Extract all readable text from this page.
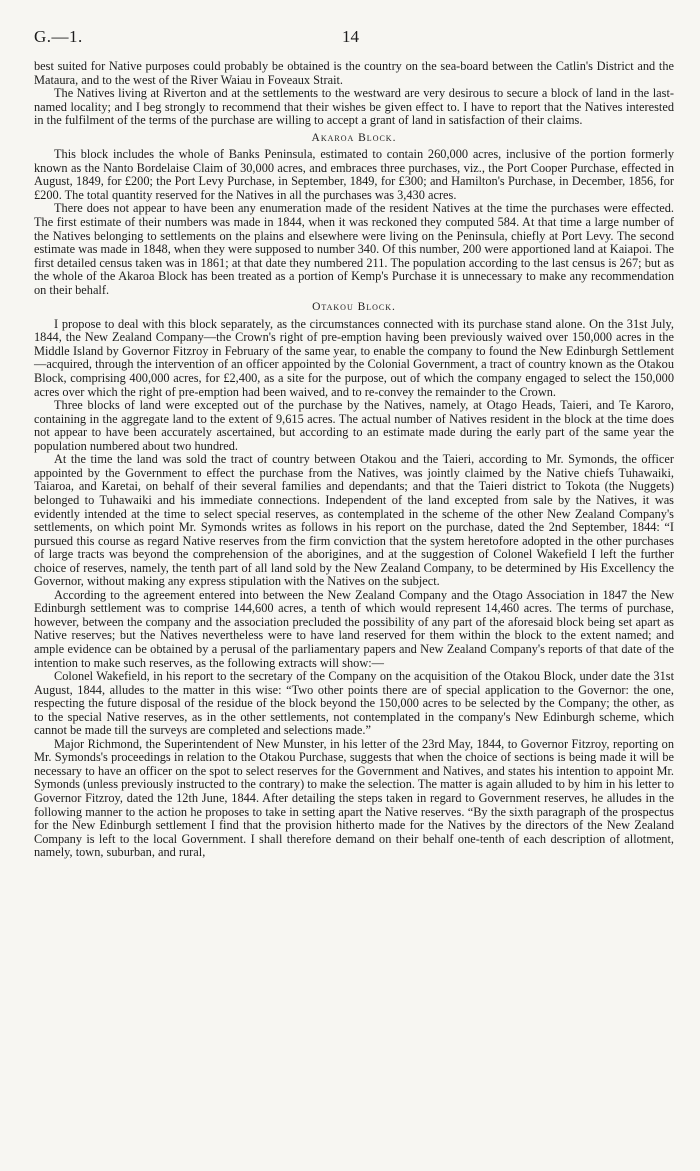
G.—1.	14

best suited for Native purposes could probably be obtained is the country on the sea-board between the Catlin's District and the Mataura, and to the west of the River Waiau in Foveaux Strait.

The Natives living at Riverton and at the settlements to the westward are very desirous to secure a block of land in the last-named locality; and I beg strongly to recommend that their wishes be given effect to. I have to report that the Natives interested in the fulfilment of the terms of the purchase are willing to accept a grant of land in satisfaction of their claims.

Akaroa Block.

This block includes the whole of Banks Peninsula, estimated to contain 260,000 acres, inclusive of the portion formerly known as the Nanto Bordelaise Claim of 30,000 acres, and embraces three purchases, viz., the Port Cooper Purchase, effected in August, 1849, for £200; the Port Levy Purchase, in September, 1849, for £300; and Hamilton's Purchase, in December, 1856, for £200. The total quantity reserved for the Natives in all the purchases was 3,430 acres.

There does not appear to have been any enumeration made of the resident Natives at the time the purchases were effected. The first estimate of their numbers was made in 1844, when it was reckoned they computed 584. At that time a large number of the Natives belonging to settlements on the plains and elsewhere were living on the Peninsula, chiefly at Port Levy. The second estimate was made in 1848, when they were supposed to number 340. Of this number, 200 were apportioned land at Kaiapoi. The first detailed census taken was in 1861; at that date they numbered 211. The population according to the last census is 267; but as the whole of the Akaroa Block has been treated as a portion of Kemp's Purchase it is unnecessary to make any recommendation on their behalf.

Otakou Block.

I propose to deal with this block separately, as the circumstances connected with its purchase stand alone. On the 31st July, 1844, the New Zealand Company—the Crown's right of pre-emption having been previously waived over 150,000 acres in the Middle Island by Governor Fitzroy in February of the same year, to enable the company to found the New Edinburgh Settlement—acquired, through the intervention of an officer appointed by the Colonial Government, a tract of country known as the Otakou Block, comprising 400,000 acres, for £2,400, as a site for the purpose, out of which the company engaged to select the 150,000 acres over which the right of pre-emption had been waived, and to re-convey the remainder to the Crown.

Three blocks of land were excepted out of the purchase by the Natives, namely, at Otago Heads, Taieri, and Te Karoro, containing in the aggregate land to the extent of 9,615 acres. The actual number of Natives resident in the block at the time does not appear to have been accurately ascertained, but according to an estimate made during the early part of the same year the population numbered about two hundred.

At the time the land was sold the tract of country between Otakou and the Taieri, according to Mr. Symonds, the officer appointed by the Government to effect the purchase from the Natives, was jointly claimed by the Native chiefs Tuhawaiki, Taiaroa, and Karetai, on behalf of their several families and dependants; and that the Taieri district to Tokota (the Nuggets) belonged to Tuhawaiki and his immediate connections. Independent of the land excepted from sale by the Natives, it was evidently intended at the time to select special reserves, as contemplated in the scheme of the other New Zealand Company's settlements, on which point Mr. Symonds writes as follows in his report on the purchase, dated the 2nd September, 1844: “I pursued this course as regard Native reserves from the firm conviction that the system heretofore adopted in the other purchases of large tracts was beyond the comprehension of the aborigines, and at the suggestion of Colonel Wakefield I left the further choice of reserves, namely, the tenth part of all land sold by the New Zealand Company, to be determined by His Excellency the Governor, without making any express stipulation with the Natives on the subject.

According to the agreement entered into between the New Zealand Company and the Otago Association in 1847 the New Edinburgh settlement was to comprise 144,600 acres, a tenth of which would represent 14,460 acres. The terms of purchase, however, between the company and the association precluded the possibility of any part of the aforesaid block being set apart as Native reserves; but the Natives nevertheless were to have land reserved for them within the block to the extent named; and ample evidence can be obtained by a perusal of the parliamentary papers and New Zealand Company's reports of that date of the intention to make such reserves, as the following extracts will show:—

Colonel Wakefield, in his report to the secretary of the Company on the acquisition of the Otakou Block, under date the 31st August, 1844, alludes to the matter in this wise: “Two other points there are of special application to the Governor: the one, respecting the future disposal of the residue of the block beyond the 150,000 acres to be selected by the Company; the other, as to the special Native reserves, as in the other settlements, not contemplated in the company's New Edinburgh scheme, which cannot be made till the surveys are completed and selections made.”

Major Richmond, the Superintendent of New Munster, in his letter of the 23rd May, 1844, to Governor Fitzroy, reporting on Mr. Symonds's proceedings in relation to the Otakou Purchase, suggests that when the choice of sections is being made it will be necessary to have an officer on the spot to select reserves for the Government and Natives, and states his intention to appoint Mr. Symonds (unless previously instructed to the contrary) to make the selection. The matter is again alluded to by him in his letter to Governor Fitzroy, dated the 12th June, 1844. After detailing the steps taken in regard to Government reserves, he alludes in the following manner to the action he proposes to take in setting apart the Native reserves. “By the sixth paragraph of the prospectus for the New Edinburgh settlement I find that the provision hitherto made for the Natives by the directors of the New Zealand Company is left to the local Government. I shall therefore demand on their behalf one-tenth of each description of allotment, namely, town, suburban, and rural,
